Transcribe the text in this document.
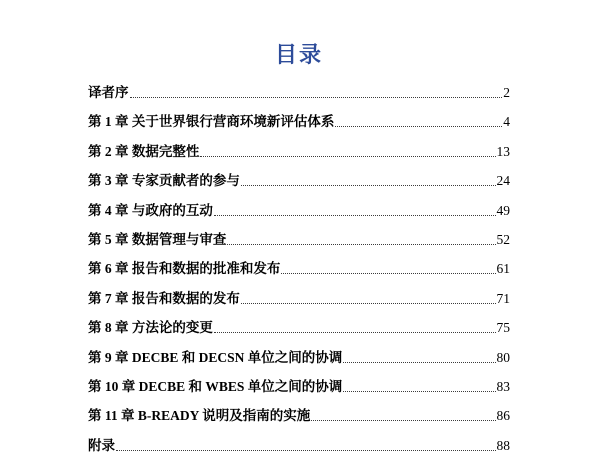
目录
译者序	2
第 1 章 关于世界银行营商环境新评估体系	4
第 2 章 数据完整性	13
第 3 章 专家贡献者的参与	24
第 4 章 与政府的互动	49
第 5 章 数据管理与审查	52
第 6 章 报告和数据的批准和发布	61
第 7 章 报告和数据的发布	71
第 8 章 方法论的变更	75
第 9 章 DECBE 和 DECSN 单位之间的协调	80
第 10 章 DECBE 和 WBES 单位之间的协调	83
第 11 章 B-READY 说明及指南的实施	86
附录	88
